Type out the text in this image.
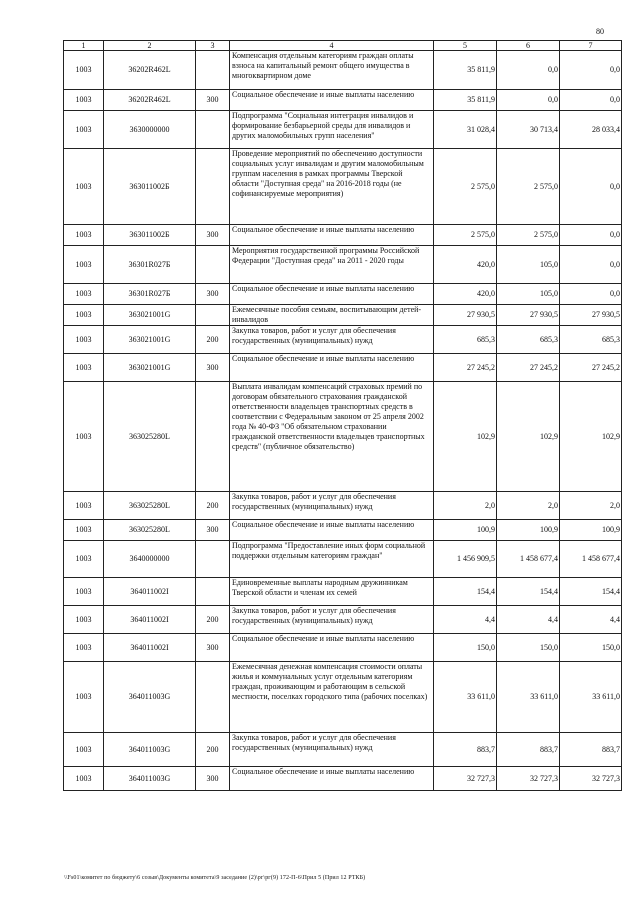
80
1	2	3	4	5	6	7
1003	36202R462L		Компенсация отдельным категориям граждан оплаты взноса на капитальный ремонт общего имущества в многоквартирном доме	35 811,9	0,0	0,0
1003	36202R462L	300	Социальное обеспечение и иные выплаты населению	35 811,9	0,0	0,0
1003	3630000000		Подпрограмма "Социальная интеграция инвалидов и формирование безбарьерной среды для инвалидов и других маломобильных групп населения"	31 028,4	30 713,4	28 033,4
1003	363011002Б		Проведение мероприятий по обеспечению доступности социальных услуг инвалидам и другим маломобильным группам населения в рамках программы Тверской области "Доступная среда" на 2016-2018 годы (не софинансируемые мероприятия)	2 575,0	2 575,0	0,0
1003	363011002Б	300	Социальное обеспечение и иные выплаты населению	2 575,0	2 575,0	0,0
1003	36301R027Б		Мероприятия государственной программы Российской Федерации "Доступная среда" на 2011 - 2020 годы	420,0	105,0	0,0
1003	36301R027Б	300	Социальное обеспечение и иные выплаты населению	420,0	105,0	0,0
1003	363021001G		Ежемесячные пособия семьям, воспитывающим детей-инвалидов	27 930,5	27 930,5	27 930,5
1003	363021001G	200	Закупка товаров, работ и услуг для обеспечения государственных (муниципальных) нужд	685,3	685,3	685,3
1003	363021001G	300	Социальное обеспечение и иные выплаты населению	27 245,2	27 245,2	27 245,2
1003	363025280L		Выплата инвалидам компенсаций страховых премий по договорам обязательного страхования гражданской ответственности владельцев транспортных средств в соответствии с Федеральным законом от 25 апреля 2002 года № 40-ФЗ "Об обязательном страховании гражданской ответственности владельцев транспортных средств" (публичное обязательство)	102,9	102,9	102,9
1003	363025280L	200	Закупка товаров, работ и услуг для обеспечения государственных (муниципальных) нужд	2,0	2,0	2,0
1003	363025280L	300	Социальное обеспечение и иные выплаты населению	100,9	100,9	100,9
1003	3640000000		Подпрограмма "Предоставление иных форм социальной поддержки отдельным категориям граждан"	1 456 909,5	1 458 677,4	1 458 677,4
1003	364011002I		Единовременные выплаты народным дружинникам Тверской области и членам их семей	154,4	154,4	154,4
1003	364011002I	200	Закупка товаров, работ и услуг для обеспечения государственных (муниципальных) нужд	4,4	4,4	4,4
1003	364011002I	300	Социальное обеспечение и иные выплаты населению	150,0	150,0	150,0
1003	364011003G		Ежемесячная денежная компенсация стоимости оплаты жилья и коммунальных услуг отдельным категориям граждан, проживающим и работающим в сельской местности, поселках городского типа (рабочих поселках)	33 611,0	33 611,0	33 611,0
1003	364011003G	200	Закупка товаров, работ и услуг для обеспечения государственных (муниципальных) нужд	883,7	883,7	883,7
1003	364011003G	300	Социальное обеспечение и иные выплаты населению	32 727,3	32 727,3	32 727,3
\\Fs01\комитет по бюджету\6 созыв\Документы комитета\9 заседание (2)\рг\рг(9) 172-П-6\Прил 5 (Прил 12 РТКБ)
